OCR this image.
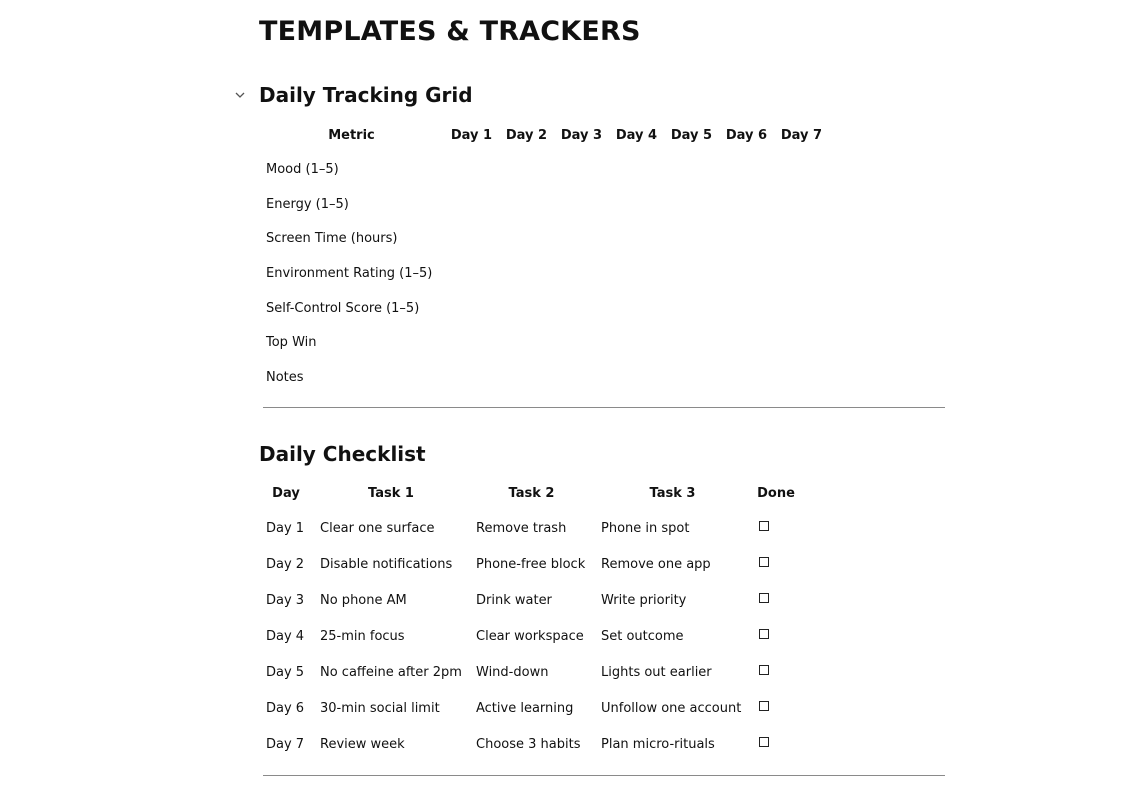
TEMPLATES & TRACKERS
Daily Tracking Grid
Metric	Day 1	Day 2	Day 3	Day 4	Day 5	Day 6	Day 7
Mood (1–5)							
Energy (1–5)							
Screen Time (hours)							
Environment Rating (1–5)							
Self-Control Score (1–5)							
Top Win							
Notes							
Daily Checklist
Day	Task 1	Task 2	Task 3	Done
Day 1	Clear one surface	Remove trash	Phone in spot	
Day 2	Disable notifications	Phone-free block	Remove one app	
Day 3	No phone AM	Drink water	Write priority	
Day 4	25-min focus	Clear workspace	Set outcome	
Day 5	No caffeine after 2pm	Wind-down	Lights out earlier	
Day 6	30-min social limit	Active learning	Unfollow one account	
Day 7	Review week	Choose 3 habits	Plan micro-rituals	
